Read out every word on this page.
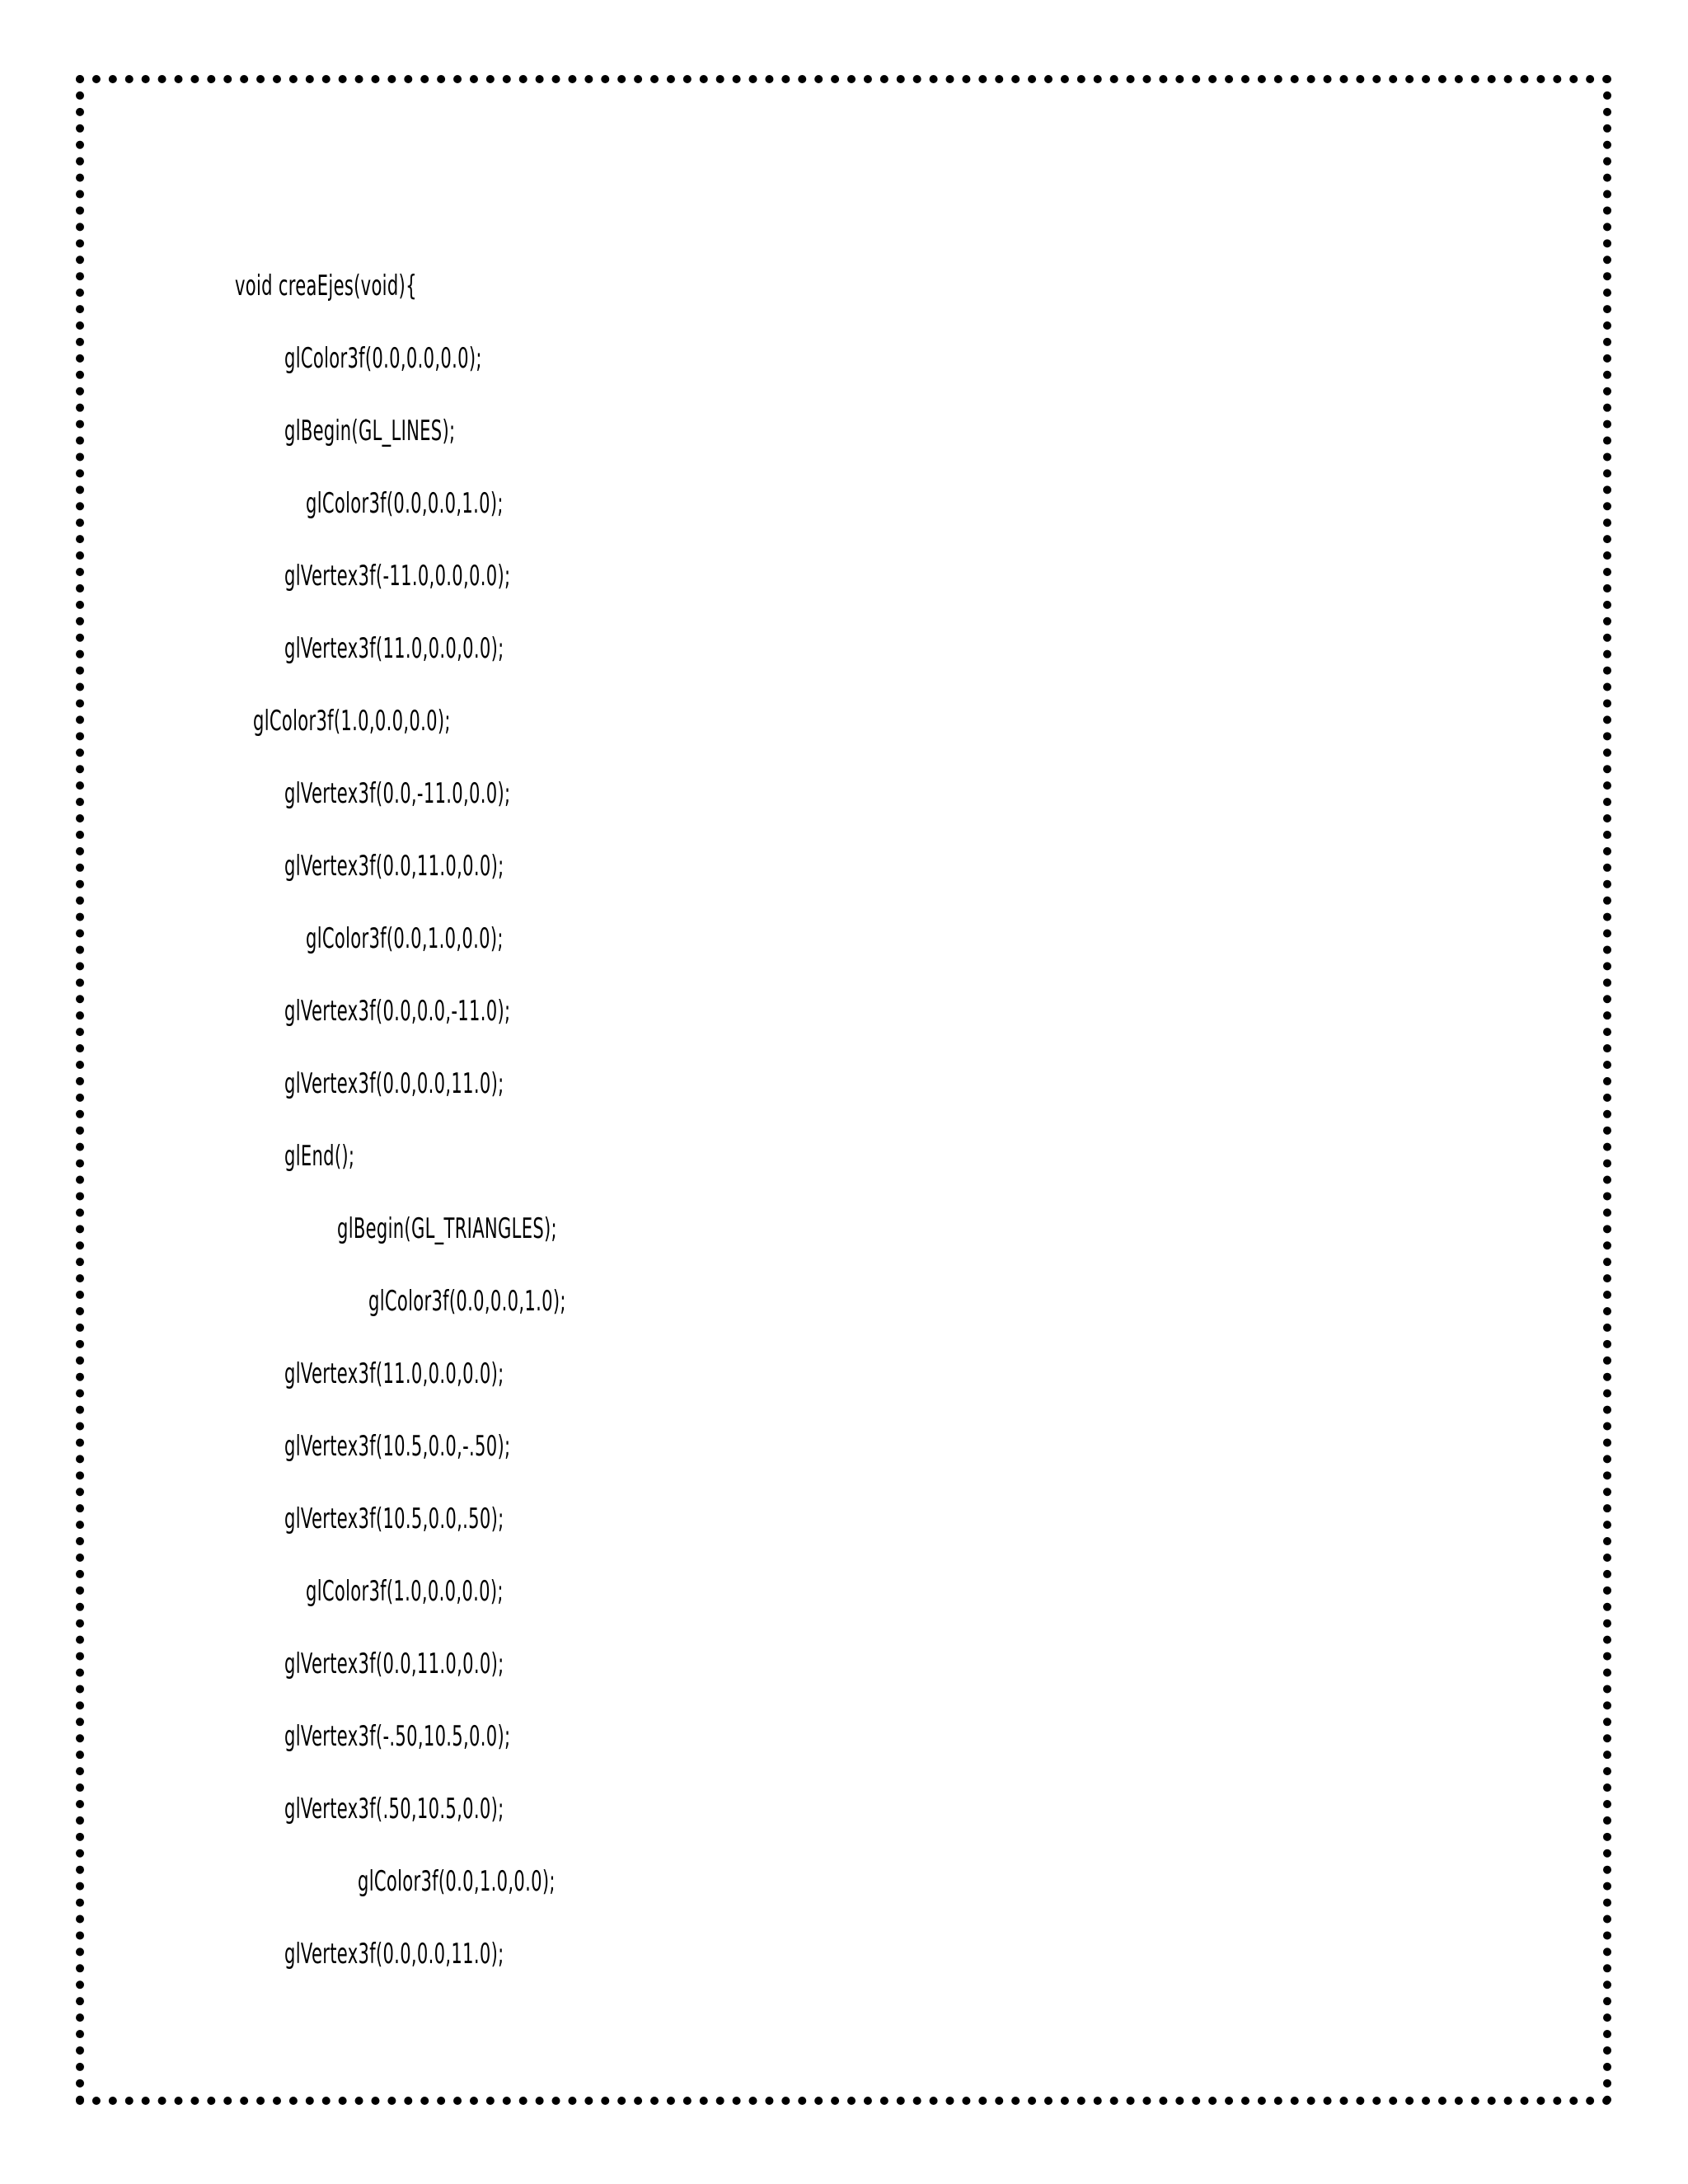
void creaEjes(void){
glColor3f(0.0,0.0,0.0);
glBegin(GL_LINES);
glColor3f(0.0,0.0,1.0);
glVertex3f(-11.0,0.0,0.0);
glVertex3f(11.0,0.0,0.0);
glColor3f(1.0,0.0,0.0);
glVertex3f(0.0,-11.0,0.0);
glVertex3f(0.0,11.0,0.0);
glColor3f(0.0,1.0,0.0);
glVertex3f(0.0,0.0,-11.0);
glVertex3f(0.0,0.0,11.0);
glEnd();
glBegin(GL_TRIANGLES);
glColor3f(0.0,0.0,1.0);
glVertex3f(11.0,0.0,0.0);
glVertex3f(10.5,0.0,-.50);
glVertex3f(10.5,0.0,.50);
glColor3f(1.0,0.0,0.0);
glVertex3f(0.0,11.0,0.0);
glVertex3f(-.50,10.5,0.0);
glVertex3f(.50,10.5,0.0);
glColor3f(0.0,1.0,0.0);
glVertex3f(0.0,0.0,11.0);
